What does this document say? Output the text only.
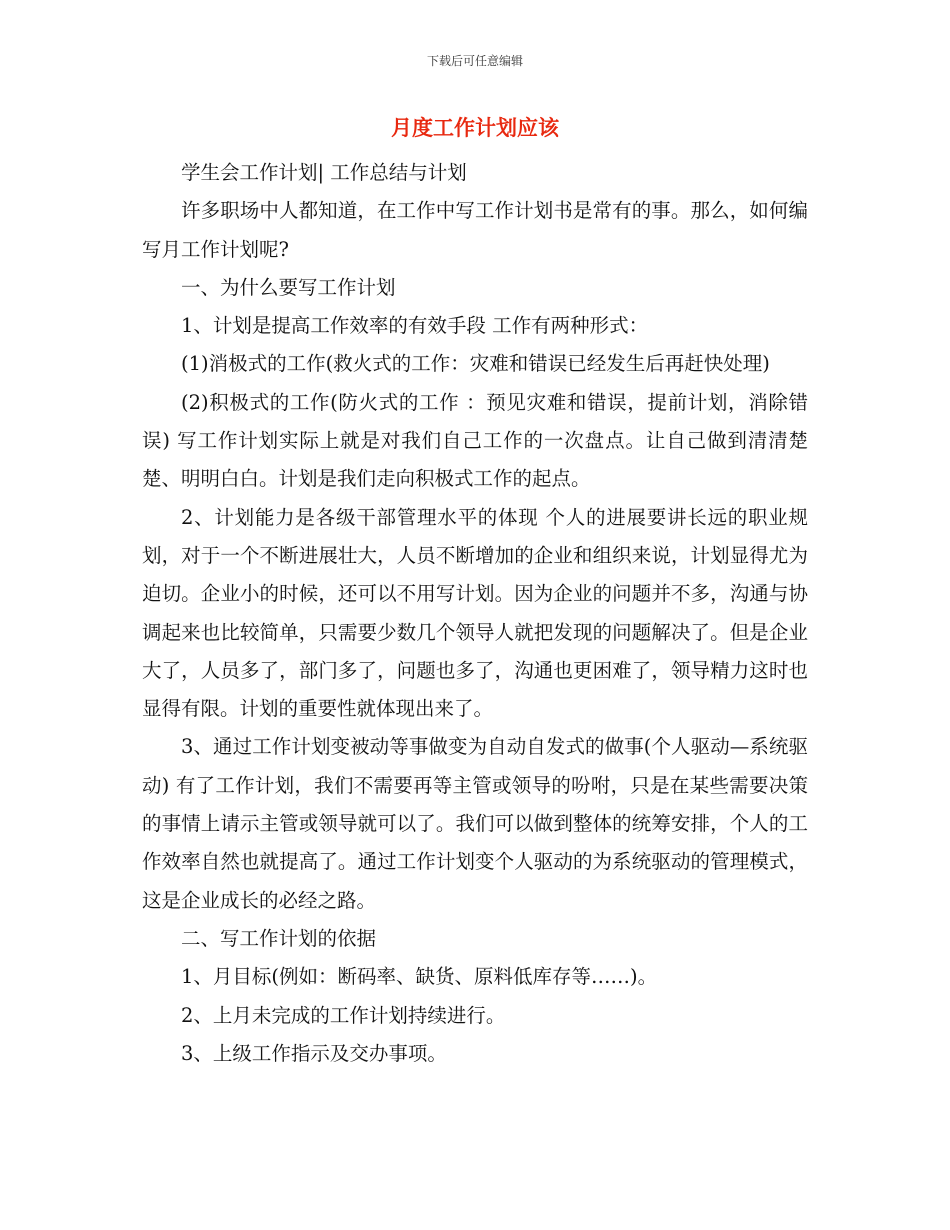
下载后可任意编辑
月度工作计划应该

学生会工作计划| 工作总结与计划

许多职场中人都知道，在工作中写工作计划书是常有的事。那么，如何编写月工作计划呢?

一、为什么要写工作计划

1、计划是提高工作效率的有效手段 工作有两种形式：

(1)消极式的工作(救火式的工作：灾难和错误已经发生后再赶快处理)

(2)积极式的工作(防火式的工作 ：预见灾难和错误，提前计划，消除错误) 写工作计划实际上就是对我们自己工作的一次盘点。让自己做到清清楚楚、明明白白。计划是我们走向积极式工作的起点。

2、计划能力是各级干部管理水平的体现 个人的进展要讲长远的职业规划，对于一个不断进展壮大，人员不断增加的企业和组织来说，计划显得尤为迫切。企业小的时候，还可以不用写计划。因为企业的问题并不多，沟通与协调起来也比较简单，只需要少数几个领导人就把发现的问题解决了。但是企业大了，人员多了，部门多了，问题也多了，沟通也更困难了，领导精力这时也显得有限。计划的重要性就体现出来了。

3、通过工作计划变被动等事做变为自动自发式的做事(个人驱动—系统驱动) 有了工作计划，我们不需要再等主管或领导的吩咐，只是在某些需要决策的事情上请示主管或领导就可以了。我们可以做到整体的统筹安排，个人的工作效率自然也就提高了。通过工作计划变个人驱动的为系统驱动的管理模式，这是企业成长的必经之路。

二、写工作计划的依据

1、月目标(例如：断码率、缺货、原料低库存等……)。

2、上月未完成的工作计划持续进行。

3、上级工作指示及交办事项。
